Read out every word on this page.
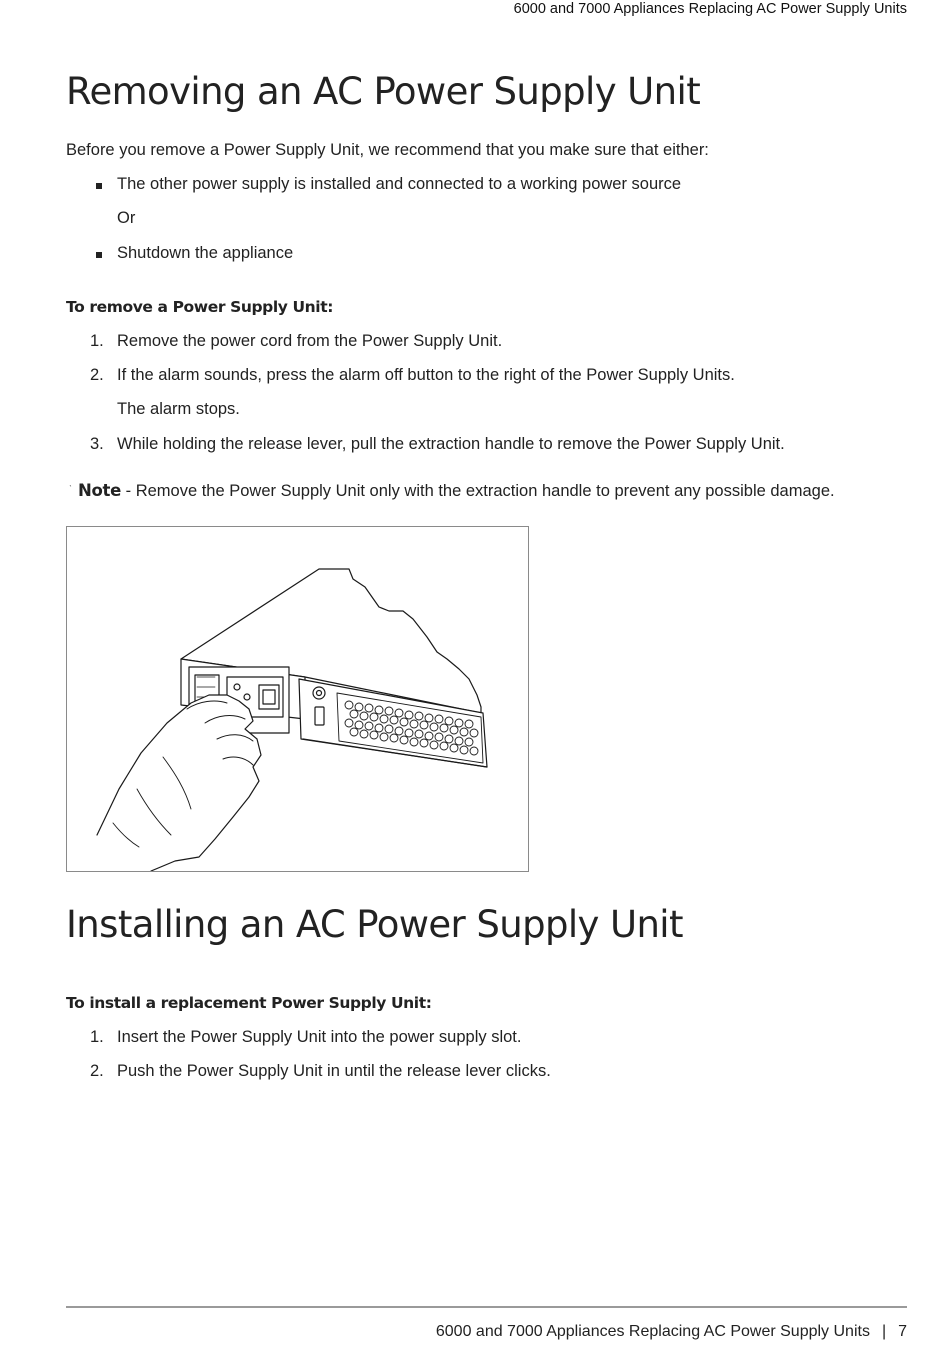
6000 and 7000 Appliances Replacing AC Power Supply Units
Removing an AC Power Supply Unit
Before you remove a Power Supply Unit, we recommend that you make sure that either:
The other power supply is installed and connected to a working power source
Or
Shutdown the appliance
To remove a Power Supply Unit:
1. Remove the power cord from the Power Supply Unit.
2. If the alarm sounds, press the alarm off button to the right of the Power Supply Units.
The alarm stops.
3. While holding the release lever, pull the extraction handle to remove the Power Supply Unit.
ˋ Note - Remove the Power Supply Unit only with the extraction handle to prevent any possible damage.
Installing an AC Power Supply Unit
To install a replacement Power Supply Unit:
1. Insert the Power Supply Unit into the power supply slot.
2. Push the Power Supply Unit in until the release lever clicks.
6000 and 7000 Appliances Replacing AC Power Supply Units | 7
